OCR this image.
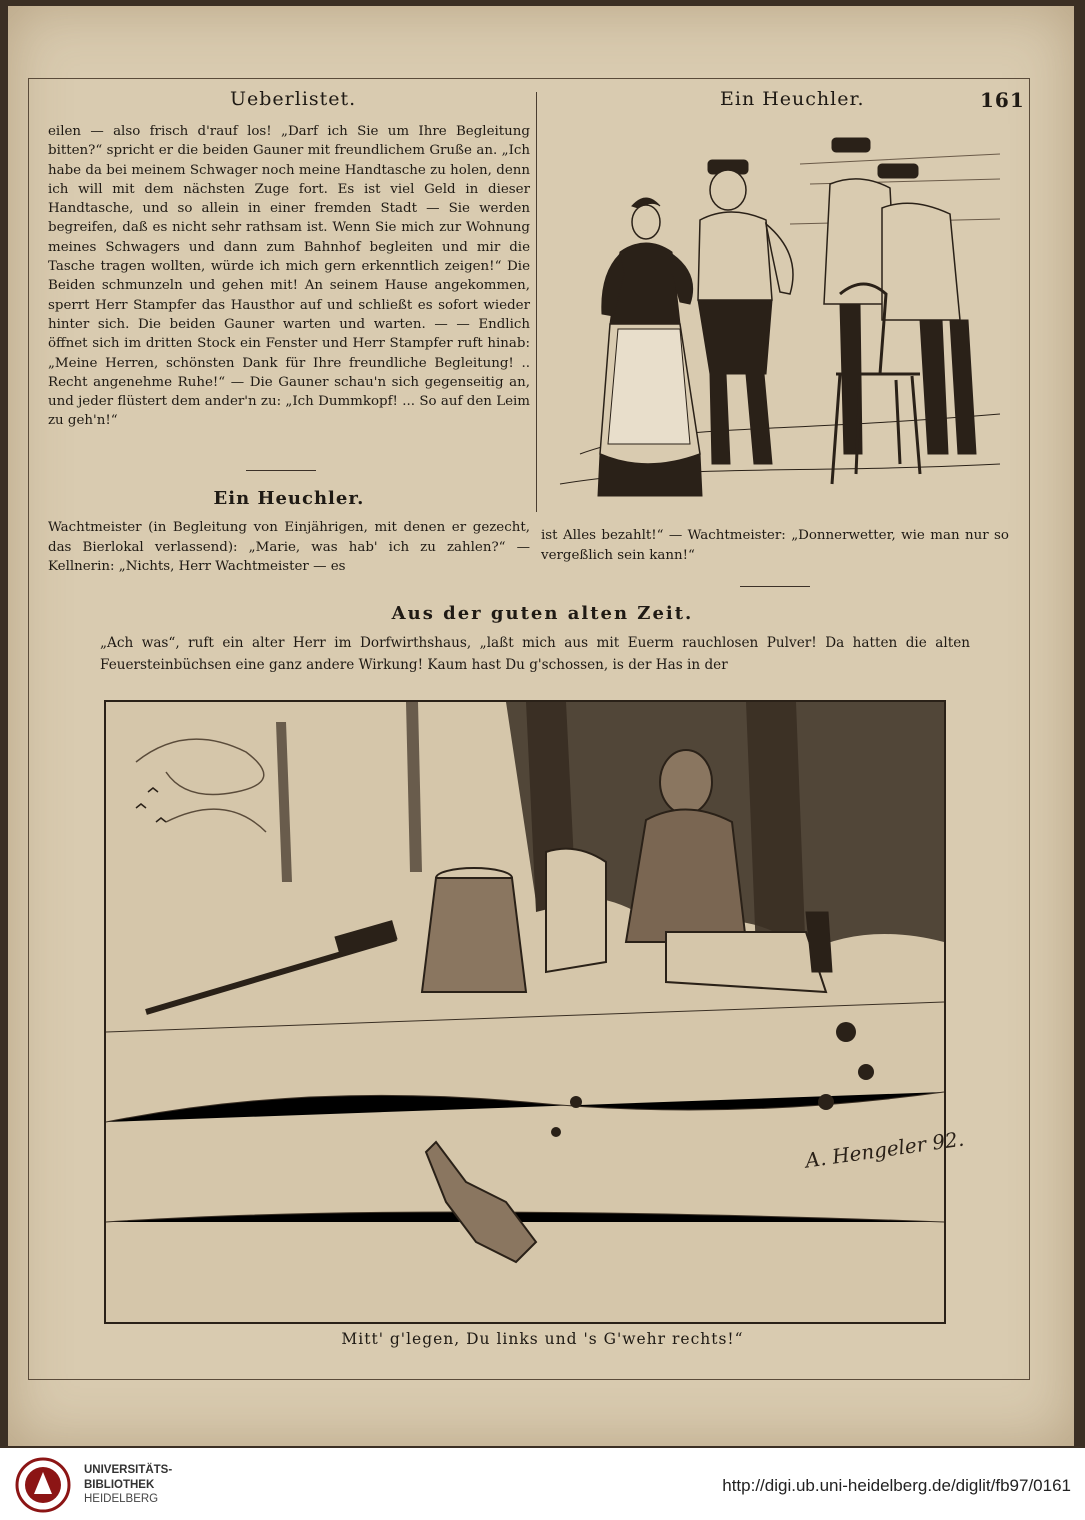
Ueberlistet.	Ein Heuchler.	161

eilen — also frisch d'rauf los! „Darf ich Sie um Ihre Begleitung bitten?“ spricht er die beiden Gauner mit freundlichem Gruße an. „Ich habe da bei meinem Schwager noch meine Handtasche zu holen, denn ich will mit dem nächsten Zuge fort. Es ist viel Geld in dieser Handtasche, und so allein in einer fremden Stadt — Sie werden begreifen, daß es nicht sehr rathsam ist. Wenn Sie mich zur Wohnung meines Schwagers und dann zum Bahnhof begleiten und mir die Tasche tragen wollten, würde ich mich gern erkenntlich zeigen!“ Die Beiden schmunzeln und gehen mit! An seinem Hause angekommen, sperrt Herr Stampfer das Hausthor auf und schließt es sofort wieder hinter sich. Die beiden Gauner warten und warten. — — Endlich öffnet sich im dritten Stock ein Fenster und Herr Stampfer ruft hinab: „Meine Herren, schönsten Dank für Ihre freundliche Begleitung! .. Recht angenehme Ruhe!“ — Die Gauner schau'n sich gegenseitig an, und jeder flüstert dem ander'n zu: „Ich Dummkopf! ... So auf den Leim zu geh'n!“

Ein Heuchler.
Wachtmeister (in Begleitung von Einjährigen, mit denen er gezecht, das Bierlokal verlassend): „Marie, was hab' ich zu zahlen?“ — Kellnerin: „Nichts, Herr Wachtmeister — es
ist Alles bezahlt!“ — Wachtmeister: „Donnerwetter, wie man nur so vergeßlich sein kann!“
Aus der guten alten Zeit.
„Ach was“, ruft ein alter Herr im Dorfwirthshaus, „laßt mich aus mit Euerm rauchlosen Pulver! Da hatten die alten Feuersteinbüchsen eine ganz andere Wirkung! Kaum hast Du g'schossen, is der Has in der
A. Hengeler 92.
Mitt' g'legen, Du links und 's G'wehr rechts!“
UNIVERSITÄTS-
BIBLIOTHEK
HEIDELBERG
http://digi.ub.uni-heidelberg.de/diglit/fb97/0161
